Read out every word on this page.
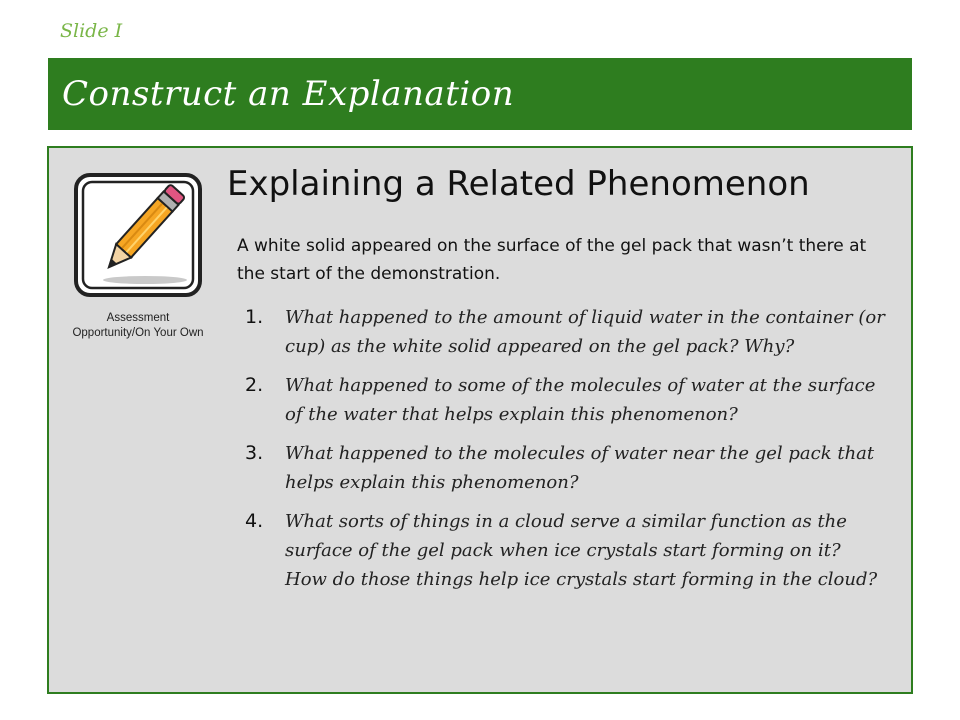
Slide I
Construct an Explanation
Assessment
Opportunity/On Your Own
Explaining a Related Phenomenon
A white solid appeared on the surface of the gel pack that wasn’t there at the start of the demonstration.
1.	What happened to the amount of liquid water in the container (or cup) as the white solid appeared on the gel pack? Why?
2.	What happened to some of the molecules of water at the surface of the water that helps explain this phenomenon?
3.	What happened to the molecules of water near the gel pack that helps explain this phenomenon?
4.	What sorts of things in a cloud serve a similar function as the surface of the gel pack when ice crystals start forming on it? How do those things help ice crystals start forming in the cloud?
